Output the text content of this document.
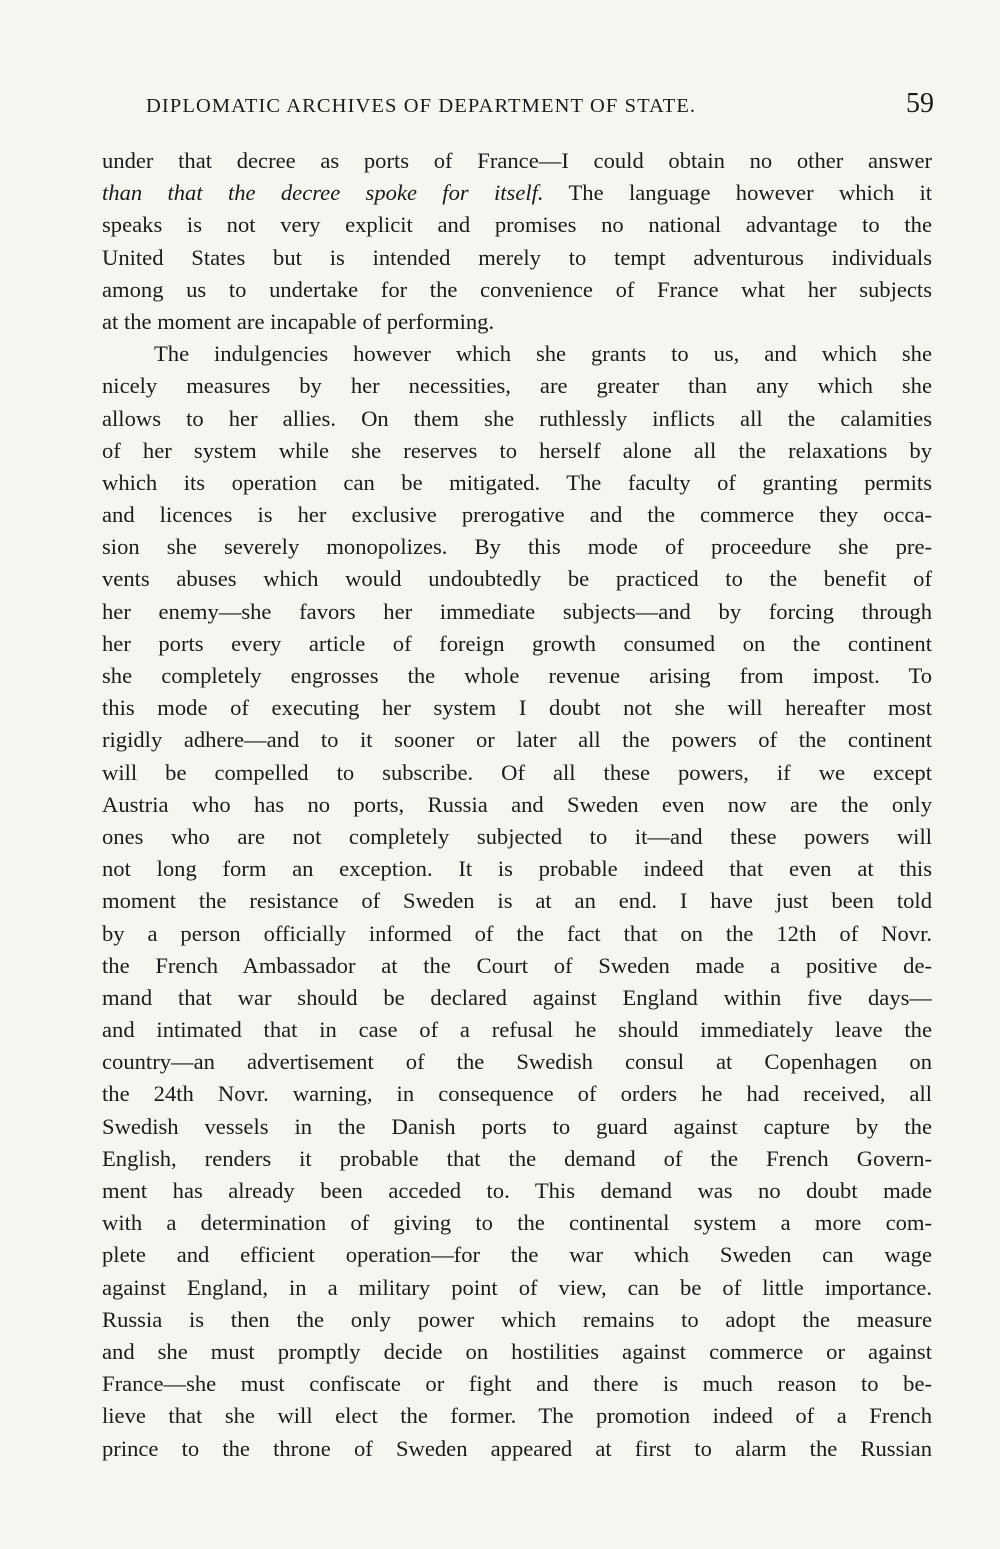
DIPLOMATIC ARCHIVES OF DEPARTMENT OF STATE.	59
under that decree as ports of France—I could obtain no other answer
than that the decree spoke for itself. The language however which it
speaks is not very explicit and promises no national advantage to the
United States but is intended merely to tempt adventurous individuals
among us to undertake for the convenience of France what her subjects
at the moment are incapable of performing.
The indulgencies however which she grants to us, and which she
nicely measures by her necessities, are greater than any which she
allows to her allies. On them she ruthlessly inflicts all the calamities
of her system while she reserves to herself alone all the relaxations by
which its operation can be mitigated. The faculty of granting permits
and licences is her exclusive prerogative and the commerce they occa-
sion she severely monopolizes. By this mode of proceedure she pre-
vents abuses which would undoubtedly be practiced to the benefit of
her enemy—she favors her immediate subjects—and by forcing through
her ports every article of foreign growth consumed on the continent
she completely engrosses the whole revenue arising from impost. To
this mode of executing her system I doubt not she will hereafter most
rigidly adhere—and to it sooner or later all the powers of the continent
will be compelled to subscribe. Of all these powers, if we except
Austria who has no ports, Russia and Sweden even now are the only
ones who are not completely subjected to it—and these powers will
not long form an exception. It is probable indeed that even at this
moment the resistance of Sweden is at an end. I have just been told
by a person officially informed of the fact that on the 12th of Novr.
the French Ambassador at the Court of Sweden made a positive de-
mand that war should be declared against England within five days—
and intimated that in case of a refusal he should immediately leave the
country—an advertisement of the Swedish consul at Copenhagen on
the 24th Novr. warning, in consequence of orders he had received, all
Swedish vessels in the Danish ports to guard against capture by the
English, renders it probable that the demand of the French Govern-
ment has already been acceded to. This demand was no doubt made
with a determination of giving to the continental system a more com-
plete and efficient operation—for the war which Sweden can wage
against England, in a military point of view, can be of little importance.
Russia is then the only power which remains to adopt the measure
and she must promptly decide on hostilities against commerce or against
France—she must confiscate or fight and there is much reason to be-
lieve that she will elect the former. The promotion indeed of a French
prince to the throne of Sweden appeared at first to alarm the Russian
